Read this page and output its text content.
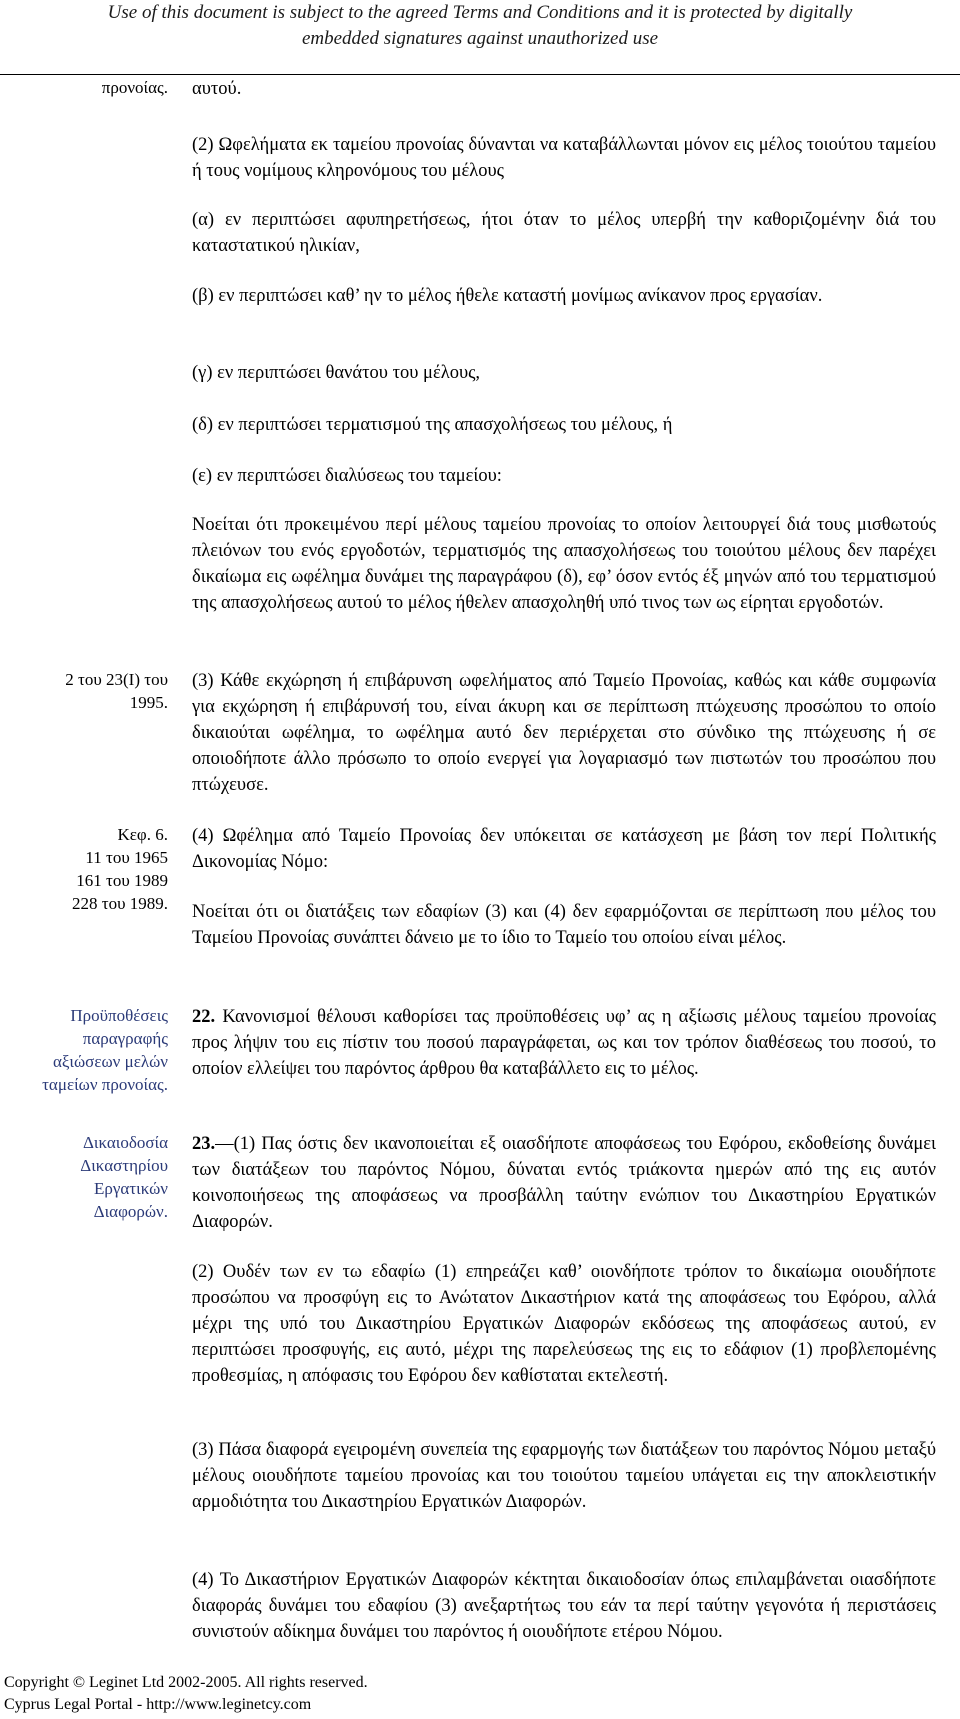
Use of this document is subject to the agreed Terms and Conditions and it is protected by digitally
embedded signatures against unauthorized use
προνοίας. αυτού.
(2) Ωφελήματα εκ ταμείου προνοίας δύνανται να καταβάλλωνται μόνον εις μέλος τοιούτου ταμείου ή τους νομίμους κληρονόμους του μέλους
(α) εν περιπτώσει αφυπηρετήσεως, ήτοι όταν το μέλος υπερβή την καθοριζομένην διά του καταστατικού ηλικίαν,
(β) εν περιπτώσει καθ’ ην το μέλος ήθελε καταστή μονίμως ανίκανον προς εργασίαν.
(γ) εν περιπτώσει θανάτου του μέλους,
(δ) εν περιπτώσει τερματισμού της απασχολήσεως του μέλους, ή
(ε) εν περιπτώσει διαλύσεως του ταμείου:
Νοείται ότι προκειμένου περί μέλους ταμείου προνοίας το οποίον λειτουργεί διά τους μισθωτούς πλειόνων του ενός εργοδοτών, τερματισμός της απασχολήσεως του τοιούτου μέλους δεν παρέχει δικαίωμα εις ωφέλημα δυνάμει της παραγράφου (δ), εφ’ όσον εντός έξ μηνών από του τερματισμού της απασχολήσεως αυτού το μέλος ήθελεν απασχοληθή υπό τινος των ως είρηται εργοδοτών.
2 του 23(I) του
1995.
(3) Κάθε εκχώρηση ή επιβάρυνση ωφελήματος από Ταμείο Προνοίας, καθώς και κάθε συμφωνία για εκχώρηση ή επιβάρυνσή του, είναι άκυρη και σε περίπτωση πτώχευσης προσώπου το οποίο δικαιούται ωφέλημα, το ωφέλημα αυτό δεν περιέρχεται στο σύνδικο της πτώχευσης ή σε οποιοδήποτε άλλο πρόσωπο το οποίο ενεργεί για λογαριασμό των πιστωτών του προσώπου που πτώχευσε.
Κεφ. 6.
11 του 1965
161 του 1989
228 του 1989.
(4) Ωφέλημα από Ταμείο Προνοίας δεν υπόκειται σε κατάσχεση με βάση τον περί Πολιτικής Δικονομίας Νόμο:
Νοείται ότι οι διατάξεις των εδαφίων (3) και (4) δεν εφαρμόζονται σε περίπτωση που μέλος του Ταμείου Προνοίας συνάπτει δάνειο με το ίδιο το Ταμείο του οποίου είναι μέλος.
Προϋποθέσεις
παραγραφής
αξιώσεων μελών
ταμείων προνοίας.
22. Κανονισμοί θέλουσι καθορίσει τας προϋποθέσεις υφ’ ας η αξίωσις μέλους ταμείου προνοίας προς λήψιν του εις πίστιν του ποσού παραγράφεται, ως και τον τρόπον διαθέσεως του ποσού, το οποίον ελλείψει του παρόντος άρθρου θα καταβάλλετο εις το μέλος.
Δικαιοδοσία
Δικαστηρίου
Εργατικών
Διαφορών.
23.—(1) Πας όστις δεν ικανοποιείται εξ οιασδήποτε αποφάσεως του Εφόρου, εκδοθείσης δυνάμει των διατάξεων του παρόντος Νόμου, δύναται εντός τριάκοντα ημερών από της εις αυτόν κοινοποιήσεως της αποφάσεως να προσβάλλη ταύτην ενώπιον του Δικαστηρίου Εργατικών Διαφορών.
(2) Ουδέν των εν τω εδαφίω (1) επηρεάζει καθ’ οιονδήποτε τρόπον το δικαίωμα οιουδήποτε προσώπου να προσφύγη εις το Ανώτατον Δικαστήριον κατά της αποφάσεως του Εφόρου, αλλά μέχρι της υπό του Δικαστηρίου Εργατικών Διαφορών εκδόσεως της αποφάσεως αυτού, εν περιπτώσει προσφυγής, εις αυτό, μέχρι της παρελεύσεως της εις το εδάφιον (1) προβλεπομένης προθεσμίας, η απόφασις του Εφόρου δεν καθίσταται εκτελεστή.
(3) Πάσα διαφορά εγειρομένη συνεπεία της εφαρμογής των διατάξεων του παρόντος Νόμου μεταξύ μέλους οιουδήποτε ταμείου προνοίας και του τοιούτου ταμείου υπάγεται εις την αποκλειστικήν αρμοδιότητα του Δικαστηρίου Εργατικών Διαφορών.
(4) Το Δικαστήριον Εργατικών Διαφορών κέκτηται δικαιοδοσίαν όπως επιλαμβάνεται οιασδήποτε διαφοράς δυνάμει του εδαφίου (3) ανεξαρτήτως του εάν τα περί ταύτην γεγονότα ή περιστάσεις συνιστούν αδίκημα δυνάμει του παρόντος ή οιουδήποτε ετέρου Νόμου.
Copyright © Leginet Ltd 2002-2005. All rights reserved.
Cyprus Legal Portal - http://www.leginetcy.com
